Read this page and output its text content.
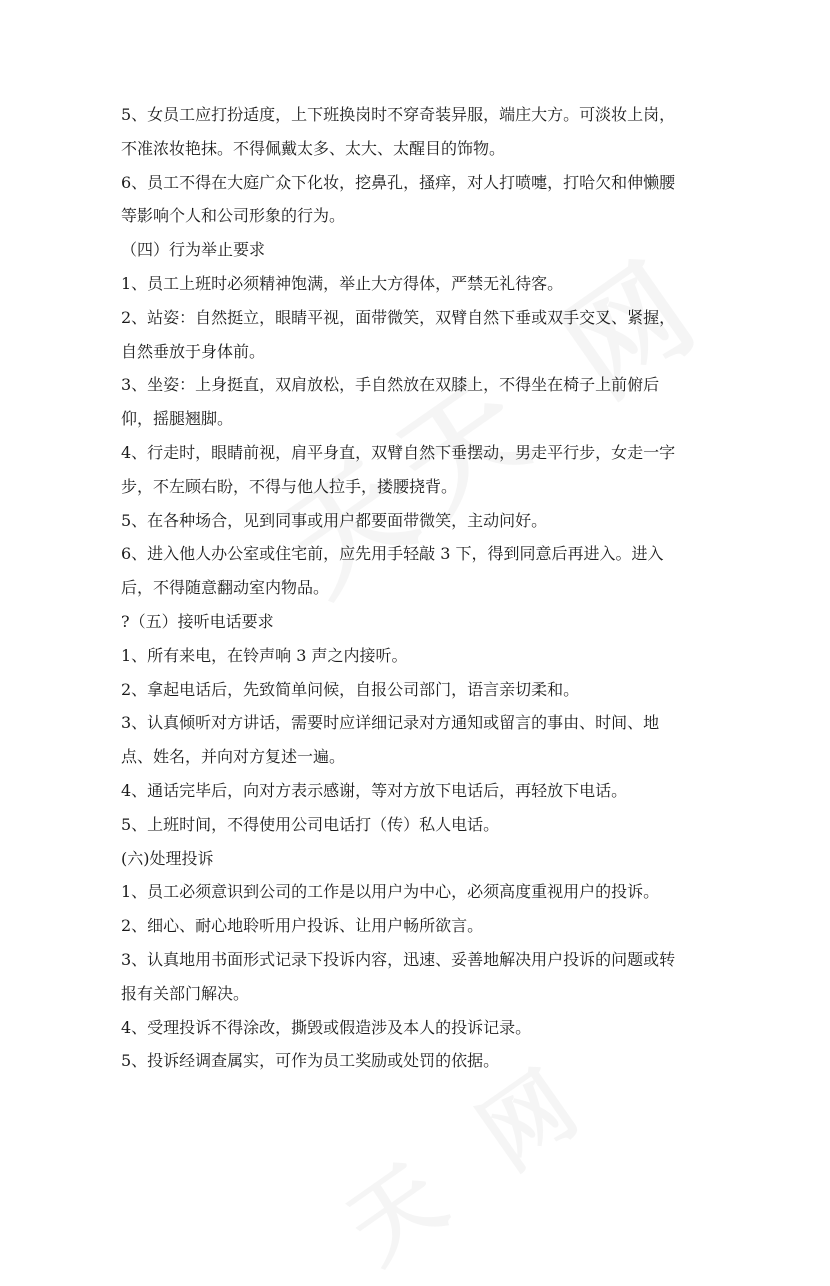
5、女员工应打扮适度，上下班换岗时不穿奇装异服，端庄大方。可淡妆上岗，
不准浓妆艳抹。不得佩戴太多、太大、太醒目的饰物。
6、员工不得在大庭广众下化妆，挖鼻孔，搔痒，对人打喷嚏，打哈欠和伸懒腰
等影响个人和公司形象的行为。
（四）行为举止要求
1、员工上班时必须精神饱满，举止大方得体，严禁无礼待客。
2、站姿：自然挺立，眼睛平视，面带微笑，双臂自然下垂或双手交叉、紧握，
自然垂放于身体前。
3、坐姿：上身挺直，双肩放松，手自然放在双膝上，不得坐在椅子上前俯后
仰，摇腿翘脚。
4、行走时，眼睛前视，肩平身直，双臂自然下垂摆动，男走平行步，女走一字
步，不左顾右盼，不得与他人拉手，搂腰挠背。
5、在各种场合，见到同事或用户都要面带微笑，主动问好。
6、进入他人办公室或住宅前，应先用手轻敲 3 下，得到同意后再进入。进入
后，不得随意翻动室内物品。
?（五）接听电话要求
1、所有来电，在铃声响 3 声之内接听。
2、拿起电话后，先致简单问候，自报公司部门，语言亲切柔和。
3、认真倾听对方讲话，需要时应详细记录对方通知或留言的事由、时间、地
点、姓名，并向对方复述一遍。
4、通话完毕后，向对方表示感谢，等对方放下电话后，再轻放下电话。
5、上班时间，不得使用公司电话打（传）私人电话。
(六)处理投诉
1、员工必须意识到公司的工作是以用户为中心，必须高度重视用户的投诉。
2、细心、耐心地聆听用户投诉、让用户畅所欲言。
3、认真地用书面形式记录下投诉内容，迅速、妥善地解决用户投诉的问题或转
报有关部门解决。
4、受理投诉不得涂改，撕毁或假造涉及本人的投诉记录。
5、投诉经调查属实，可作为员工奖励或处罚的依据。
